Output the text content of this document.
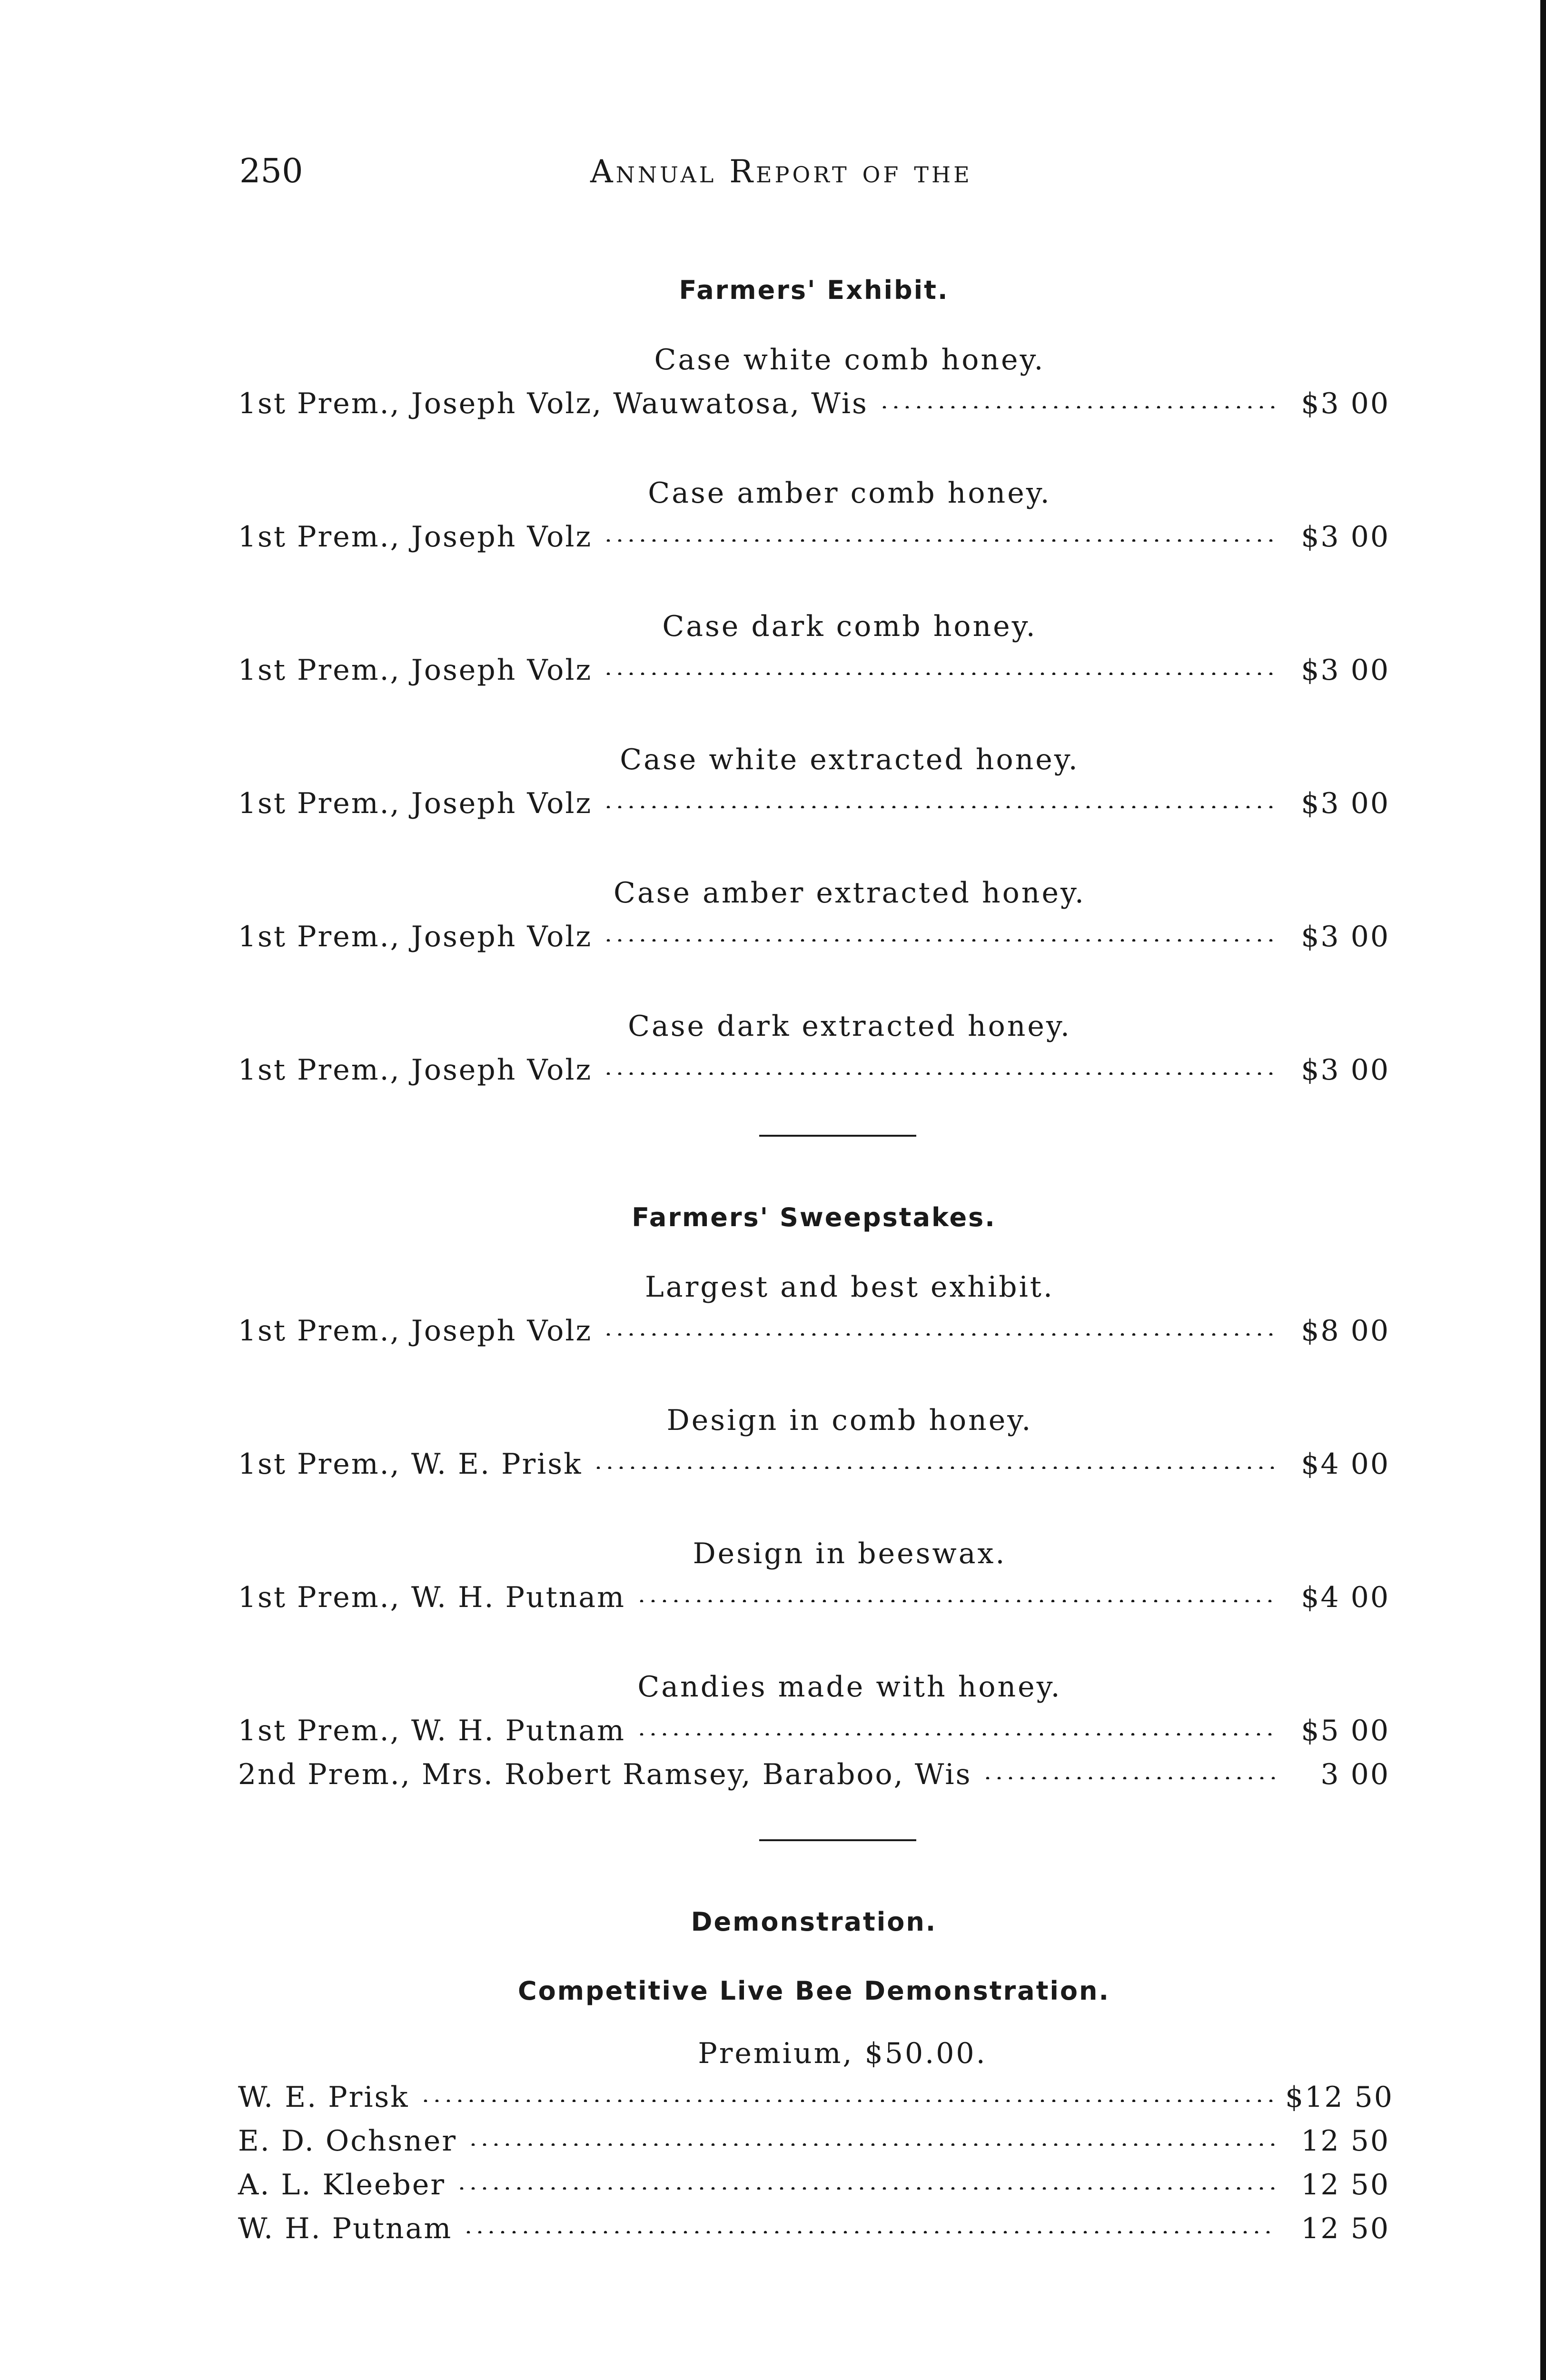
250	Annual Report of the
Farmers' Exhibit.
Case white comb honey.
1st Prem., Joseph Volz, Wauwatosa, Wis	$3 00
Case amber comb honey.
1st Prem., Joseph Volz	$3 00
Case dark comb honey.
1st Prem., Joseph Volz	$3 00
Case white extracted honey.
1st Prem., Joseph Volz	$3 00
Case amber extracted honey.
1st Prem., Joseph Volz	$3 00
Case dark extracted honey.
1st Prem., Joseph Volz	$3 00
Farmers' Sweepstakes.
Largest and best exhibit.
1st Prem., Joseph Volz	$8 00
Design in comb honey.
1st Prem., W. E. Prisk	$4 00
Design in beeswax.
1st Prem., W. H. Putnam	$4 00
Candies made with honey.
1st Prem., W. H. Putnam	$5 00
2nd Prem., Mrs. Robert Ramsey, Baraboo, Wis	3 00
Demonstration.
Competitive Live Bee Demonstration.
Premium, $50.00.
W. E. Prisk	$12 50
E. D. Ochsner	12 50
A. L. Kleeber	12 50
W. H. Putnam	12 50
